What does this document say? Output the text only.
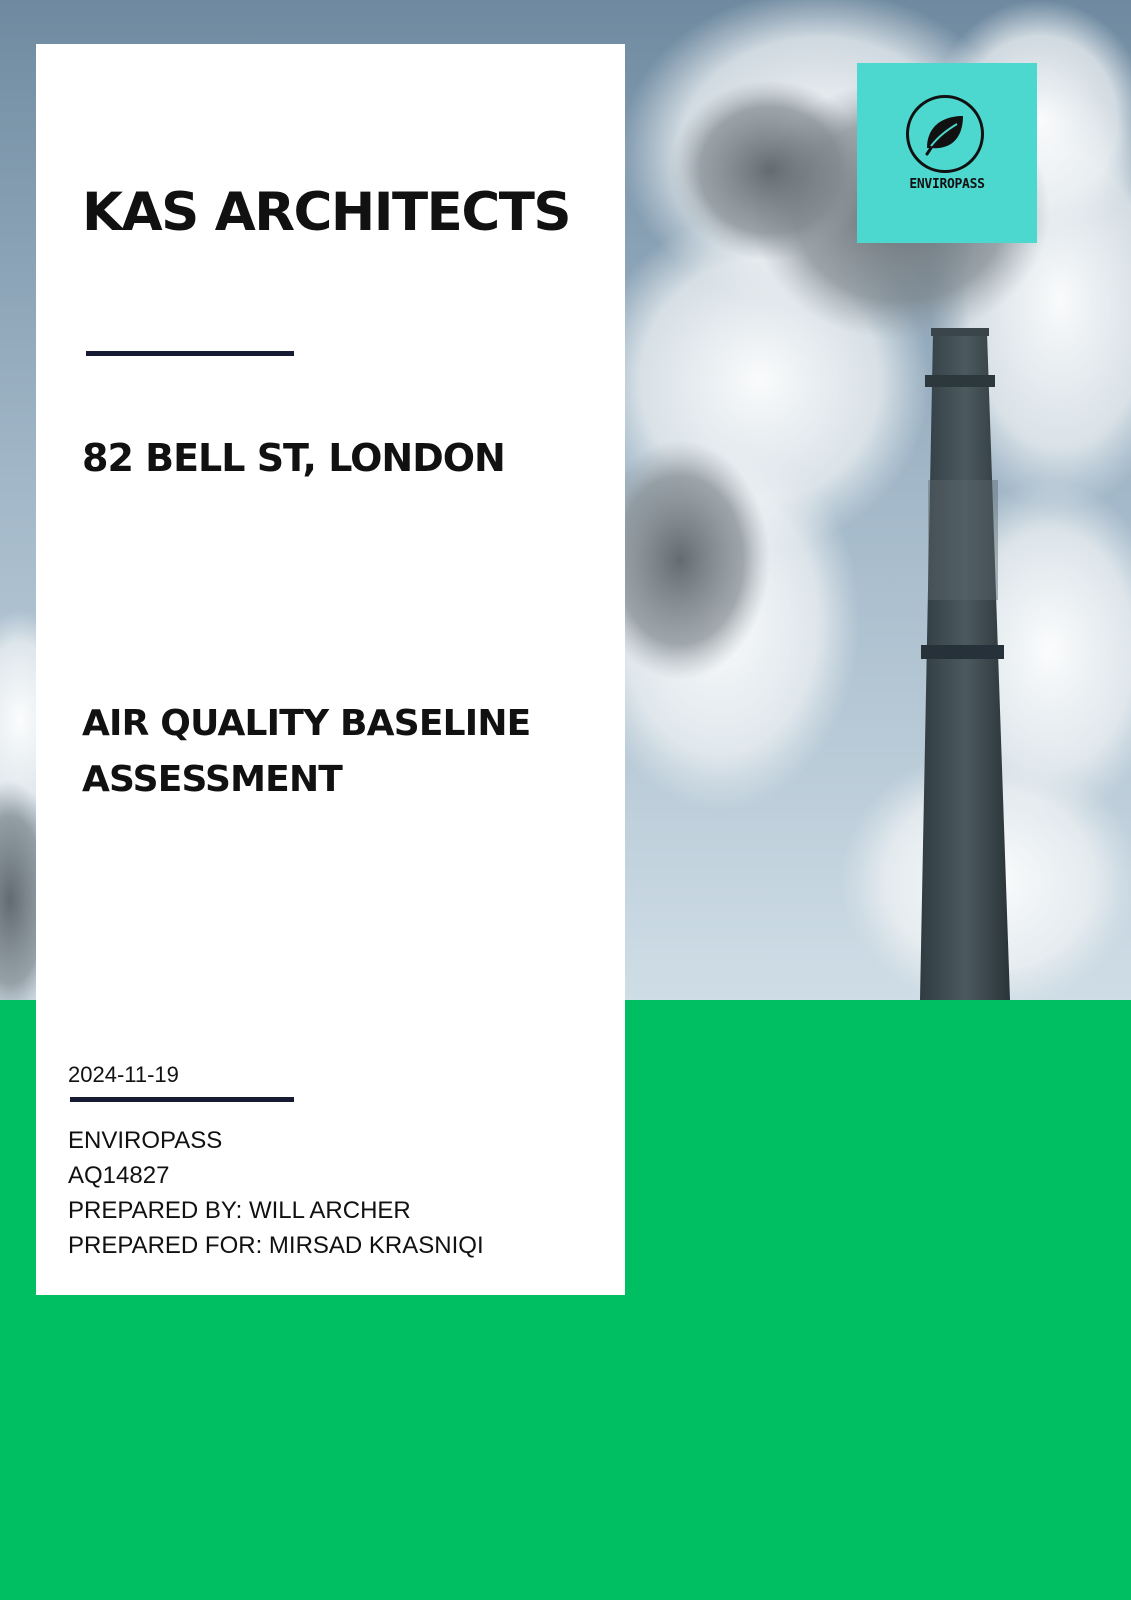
ENVIROPASS
KAS ARCHITECTS
82 BELL ST, LONDON
AIR QUALITY BASELINE
ASSESSMENT
2024-11-19
ENVIROPASS
AQ14827
PREPARED BY: WILL ARCHER
PREPARED FOR: MIRSAD KRASNIQI
